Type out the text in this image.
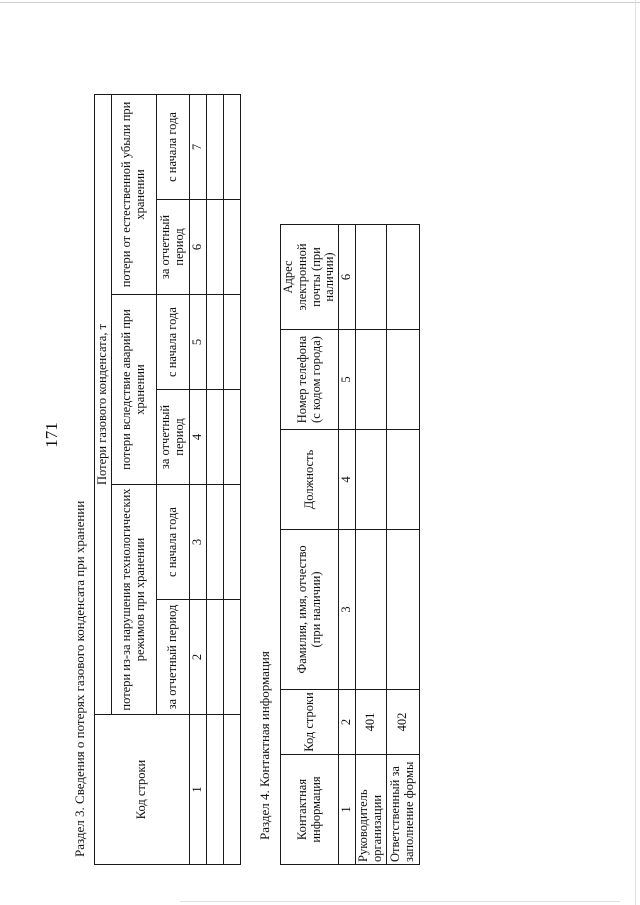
171
Раздел 3. Сведения о потерях газового конденсата при хранении	Код строки	Потери газового конденсата, т					
	потери из-за нарушения технологических режимов при хранении		потери вследствие аварий при хранении		потери от естественной убыли при хранении	
	за отчетный период	с начала года	за отчетный период	с начала года	за отчетный период	с начала года
1	2	3	4	5	6	7

Раздел 4. Контактная информация Контактная информация	Код строки	Фамилия, имя, отчество (при наличии)	Должность	Номер телефона (с кодом города)	Адрес электронной почты (при наличии)
1	2	3	4	5	6
Руководитель организации	401				
Ответственный за заполнение формы	402				
